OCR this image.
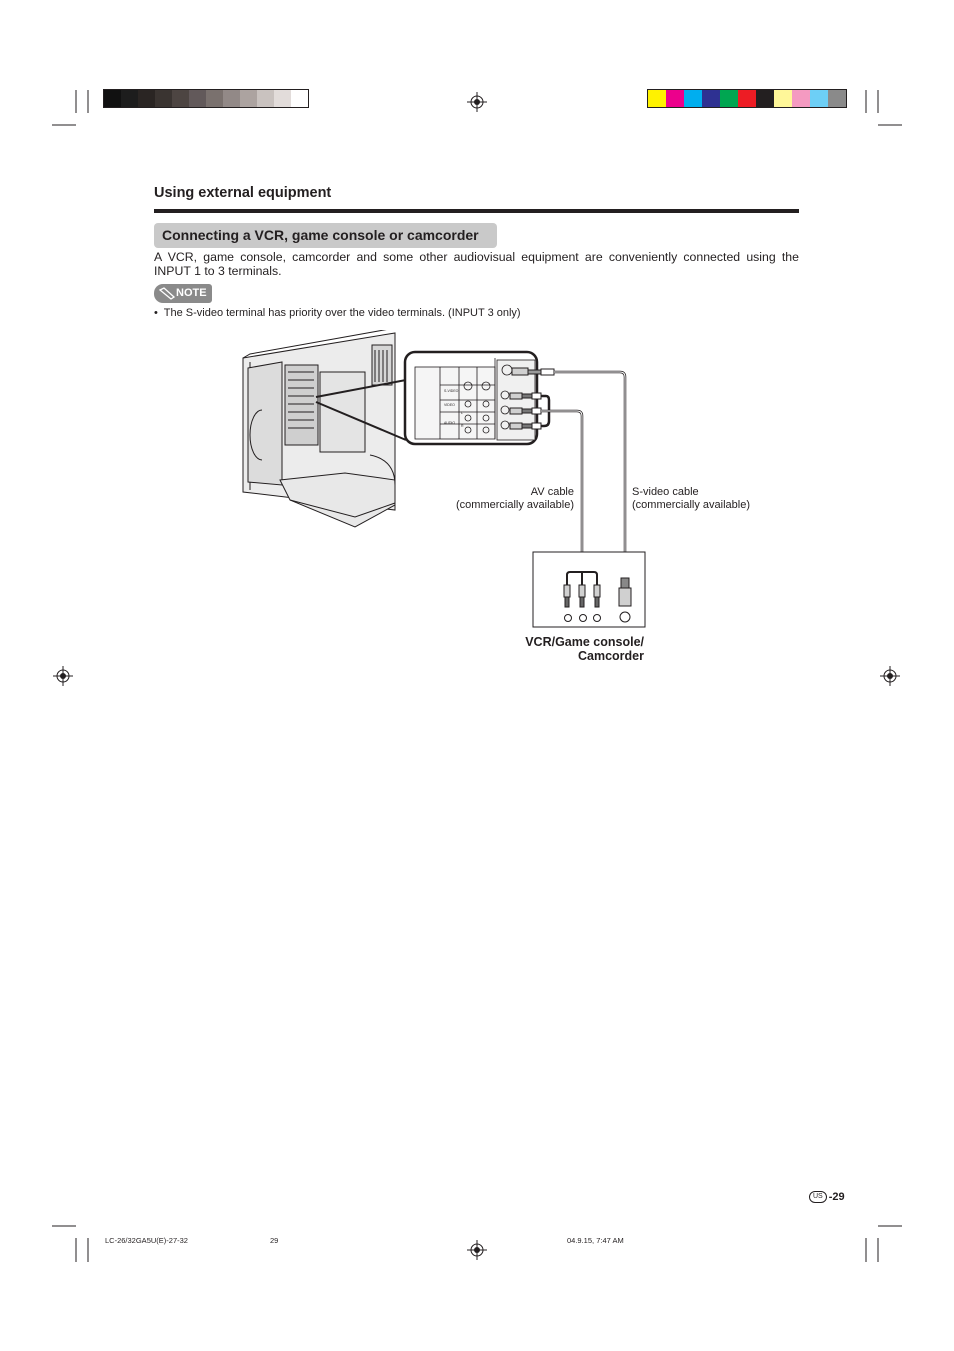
Using external equipment
Connecting a VCR, game console or camcorder
A VCR, game console, camcorder and some other audiovisual equipment are conveniently connected using the INPUT 1 to 3 terminals.
NOTE
•  The S-video terminal has priority over the video terminals. (INPUT 3 only)
S-VIDEO
VIDEO
L
R
AUDIO
AV cable
(commercially available)
S-video cable
(commercially available)
VCR/Game console/
Camcorder
US -29
LC-26/32GA5U(E)-27-32	29	04.9.15, 7:47 AM
